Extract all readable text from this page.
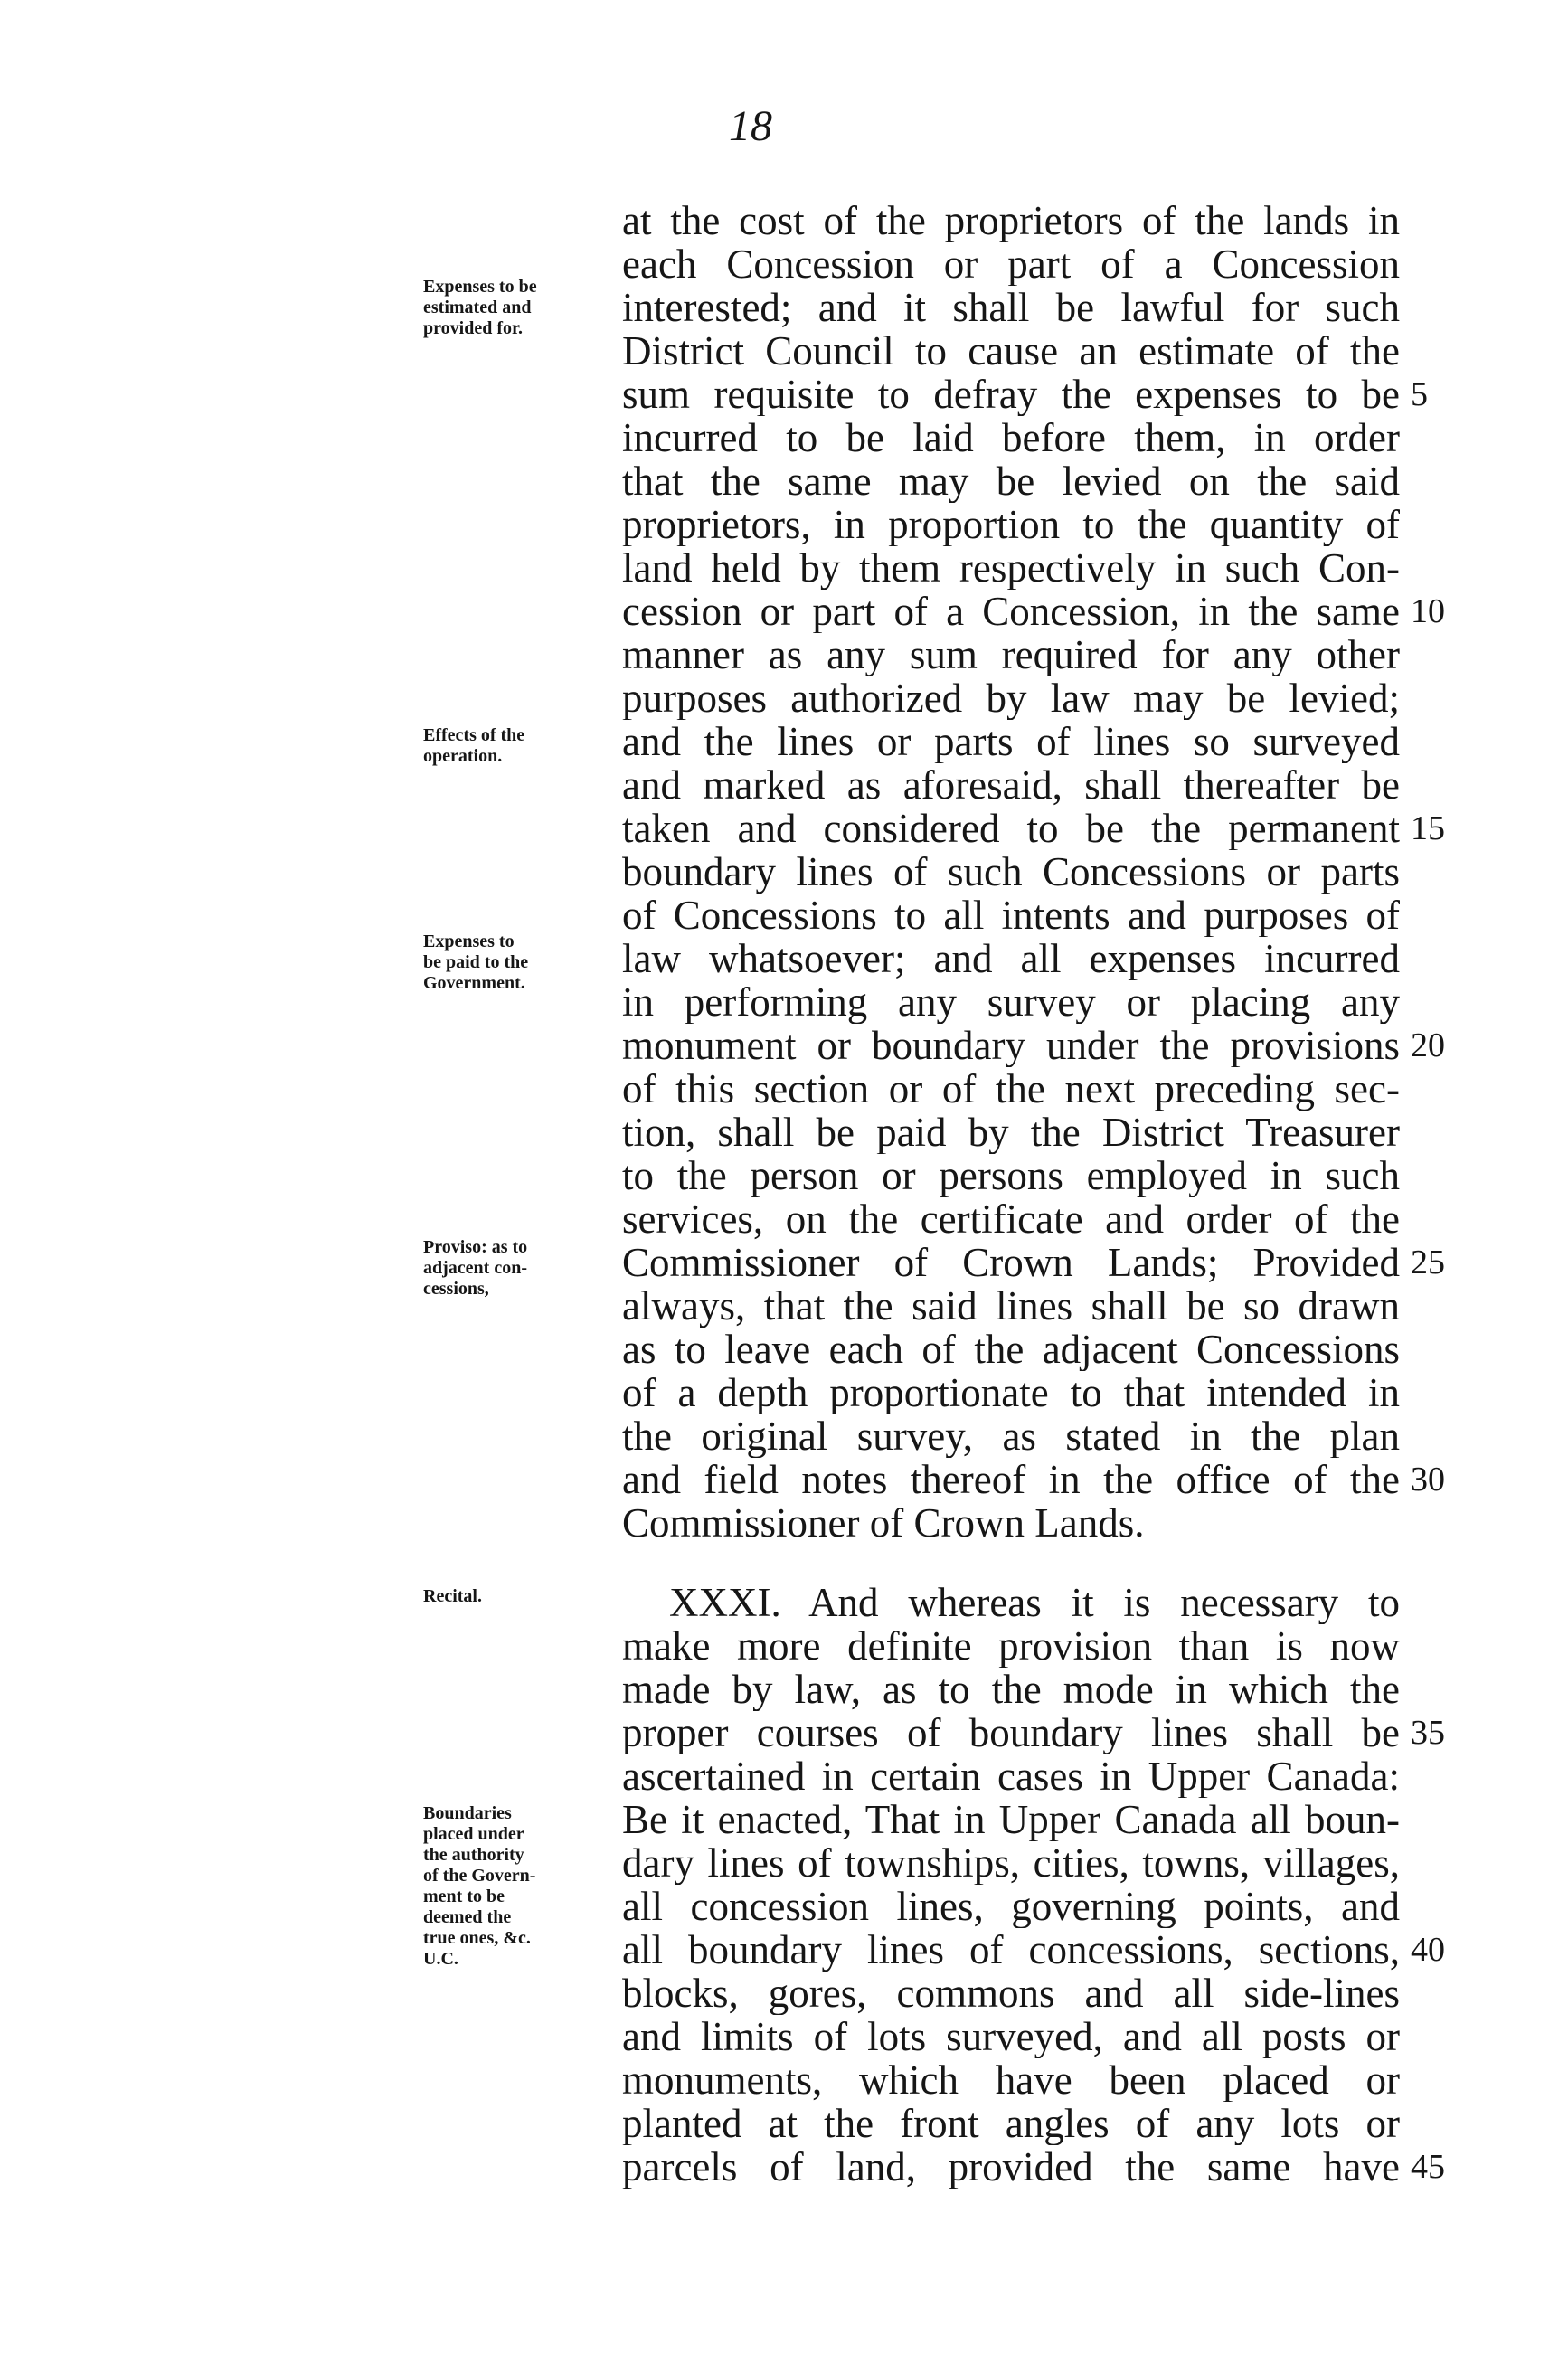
18
at the cost of the proprietors of the lands in
each Concession or part of a Concession
interested; and it shall be lawful for such
District Council to cause an estimate of the
sum requisite to defray the expenses to be
incurred to be laid before them, in order
that the same may be levied on the said
proprietors, in proportion to the quantity of
land held by them respectively in such Con-
cession or part of a Concession, in the same
manner as any sum required for any other
purposes authorized by law may be levied;
and the lines or parts of lines so surveyed
and marked as aforesaid, shall thereafter be
taken and considered to be the permanent
boundary lines of such Concessions or parts
of Concessions to all intents and purposes of
law whatsoever; and all expenses incurred
in performing any survey or placing any
monument or boundary under the provisions
of this section or of the next preceding sec-
tion, shall be paid by the District Treasurer
to the person or persons employed in such
services, on the certificate and order of the
Commissioner of Crown Lands; Provided
always, that the said lines shall be so drawn
as to leave each of the adjacent Concessions
of a depth proportionate to that intended in
the original survey, as stated in the plan
and field notes thereof in the office of the
Commissioner of Crown Lands.
XXXI. And whereas it is necessary to
make more definite provision than is now
made by law, as to the mode in which the
proper courses of boundary lines shall be
ascertained in certain cases in Upper Canada:
Be it enacted, That in Upper Canada all boun-
dary lines of townships, cities, towns, villages,
all concession lines, governing points, and
all boundary lines of concessions, sections,
blocks, gores, commons and all side-lines
and limits of lots surveyed, and all posts or
monuments, which have been placed or
planted at the front angles of any lots or
parcels of land, provided the same have
5
10
15
20
25
30
35
40
45
Expenses to be
estimated and
provided for.
Effects of the
operation.
Expenses to
be paid to the
Government.
Proviso: as to
adjacent con-
cessions,
Recital.
Boundaries
placed under
the authority
of the Govern-
ment to be
deemed the
true ones, &c.
U.C.
